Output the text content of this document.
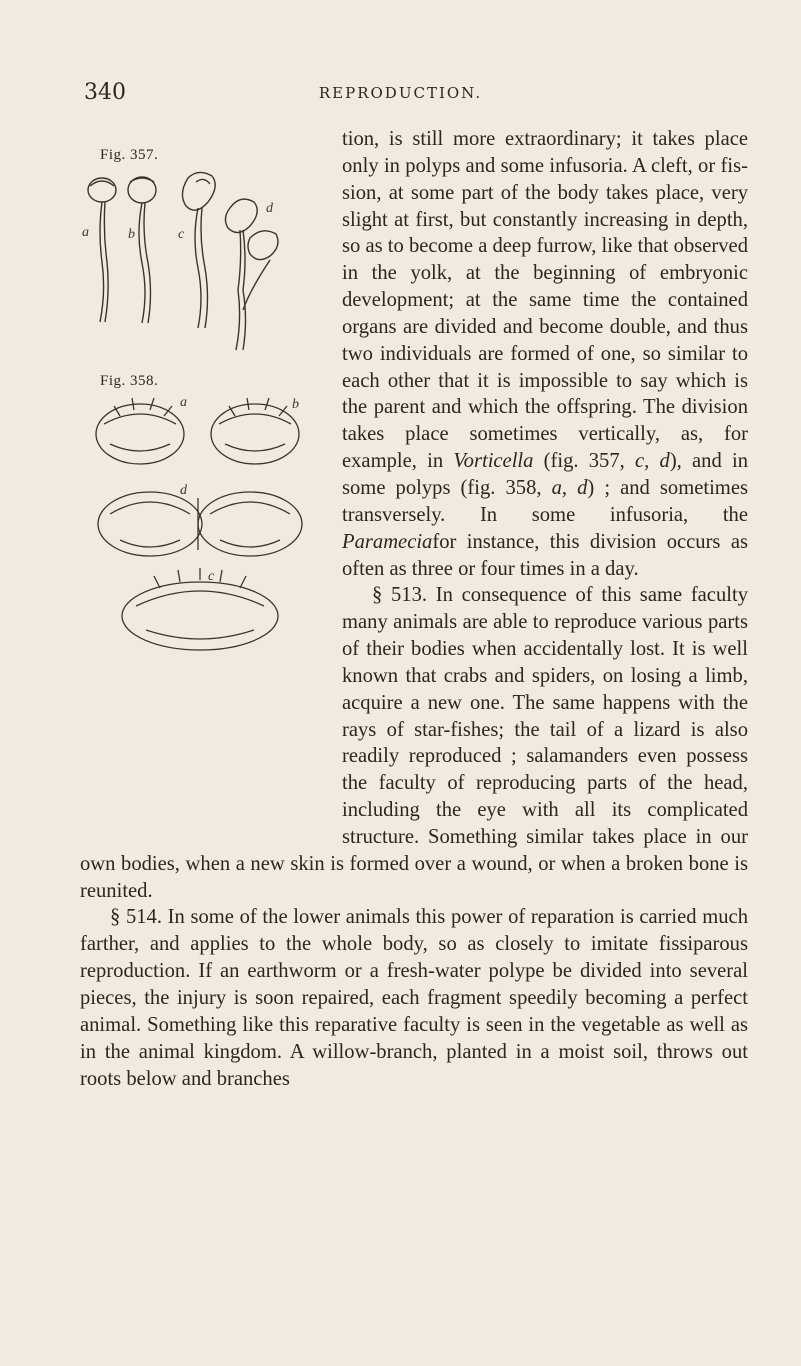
340	REPRODUCTION.
Fig. 357.
a	b	c
d
Fig. 358.
a	b
d
c

tion, is still more extraordinary; it takes place only in polyps and some infusoria. A cleft, or fission, at some part of the body takes place, very slight at first, but constantly increasing in depth, so as to become a deep furrow, like that observed in the yolk, at the beginning of embryonic development; at the same time the contained organs are divided and become double, and thus two individuals are formed of one, so similar to each other that it is impossible to say which is the parent and which the offspring. The division takes place sometimes vertically, as, for example, in Vorticella (fig. 357, c, d), and in some polyps (fig. 358, a, d) ; and sometimes transversely. In some infusoria, the Parameciafor instance, this division occurs as often as three or four times in a day.

§ 513. In consequence of this same faculty many animals are able to reproduce various parts of their bodies when accidentally lost. It is well known that crabs and spiders, on losing a limb, acquire a new one. The same happens with the rays of star-fishes; the tail of a lizard is also readily reproduced ; salamanders even possess the faculty of reproducing parts of the head, including the eye with all its complicated structure. Something similar takes place in our own bodies, when a new skin is formed over a wound, or when a broken bone is reunited.

§ 514. In some of the lower animals this power of reparation is carried much farther, and applies to the whole body, so as closely to imitate fissiparous reproduction. If an earthworm or a fresh-water polype be divided into several pieces, the injury is soon repaired, each fragment speedily becoming a perfect animal. Something like this reparative faculty is seen in the vegetable as well as in the animal kingdom. A willow-branch, planted in a moist soil, throws out roots below and branches
